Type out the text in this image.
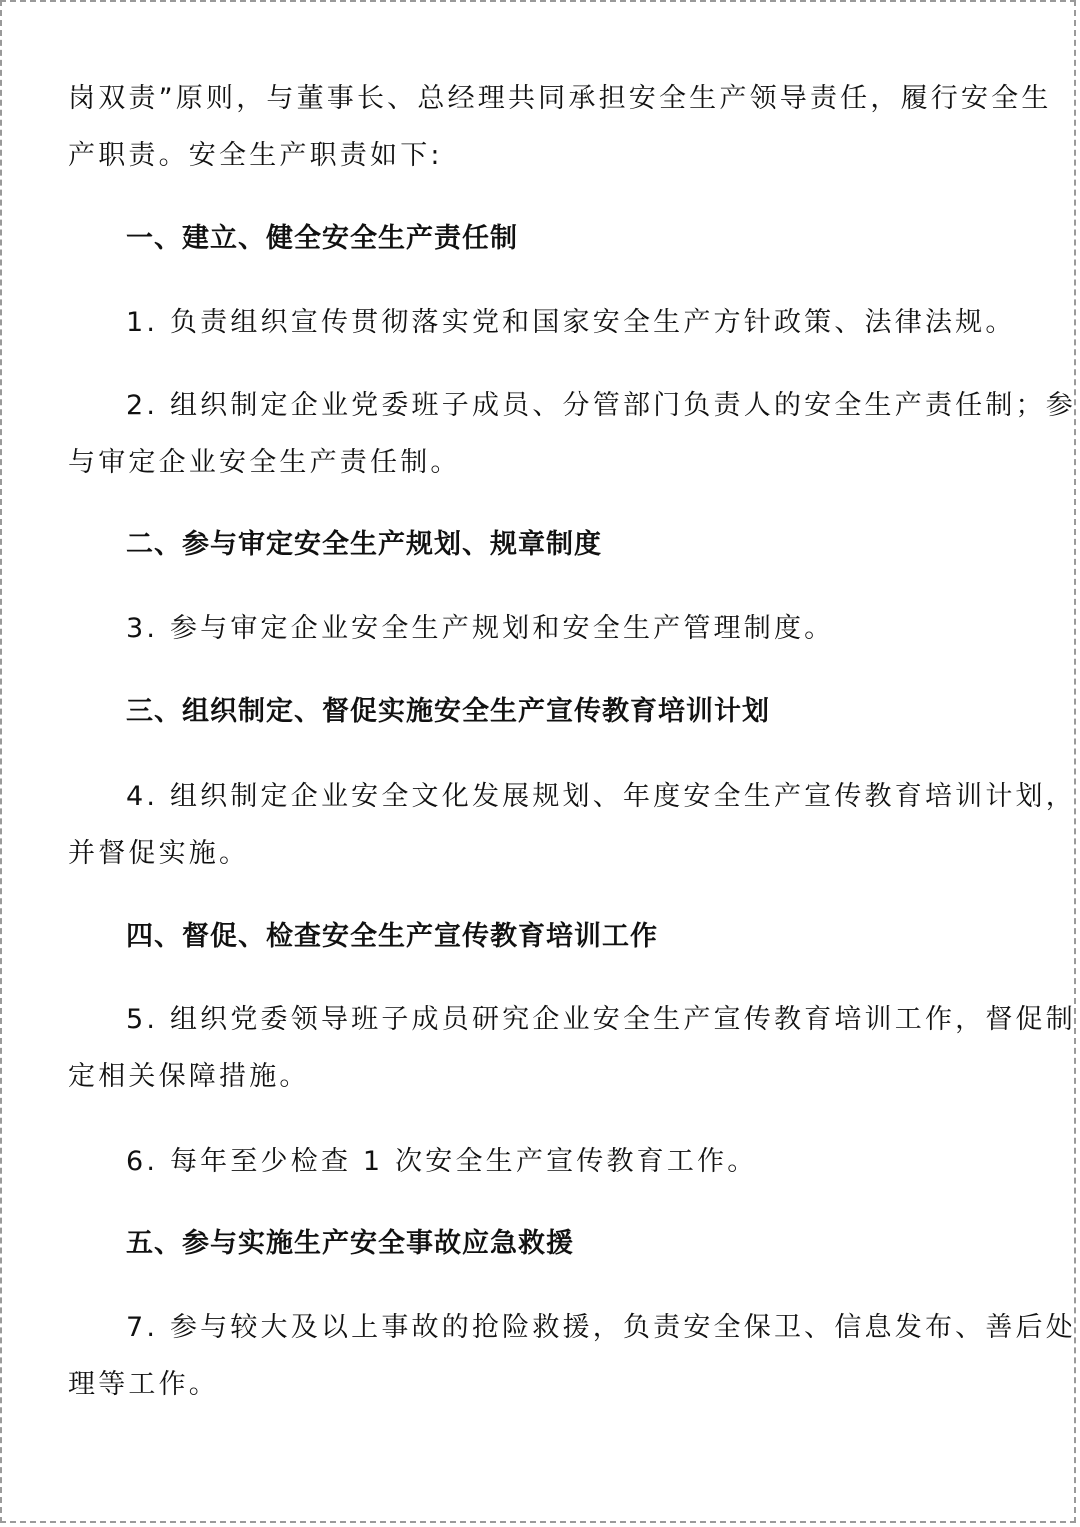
岗双责”原则，与董事长、总经理共同承担安全生产领导责任，履行安全生
产职责。安全生产职责如下:
一、建立、健全安全生产责任制
1. 负责组织宣传贯彻落实党和国家安全生产方针政策、法律法规。
2. 组织制定企业党委班子成员、分管部门负责人的安全生产责任制；参
与审定企业安全生产责任制。
二、参与审定安全生产规划、规章制度
3. 参与审定企业安全生产规划和安全生产管理制度。
三、组织制定、督促实施安全生产宣传教育培训计划
4. 组织制定企业安全文化发展规划、年度安全生产宣传教育培训计划，
并督促实施。
四、督促、检查安全生产宣传教育培训工作
5. 组织党委领导班子成员研究企业安全生产宣传教育培训工作，督促制
定相关保障措施。
6. 每年至少检查 1 次安全生产宣传教育工作。
五、参与实施生产安全事故应急救援
7. 参与较大及以上事故的抢险救援，负责安全保卫、信息发布、善后处
理等工作。
